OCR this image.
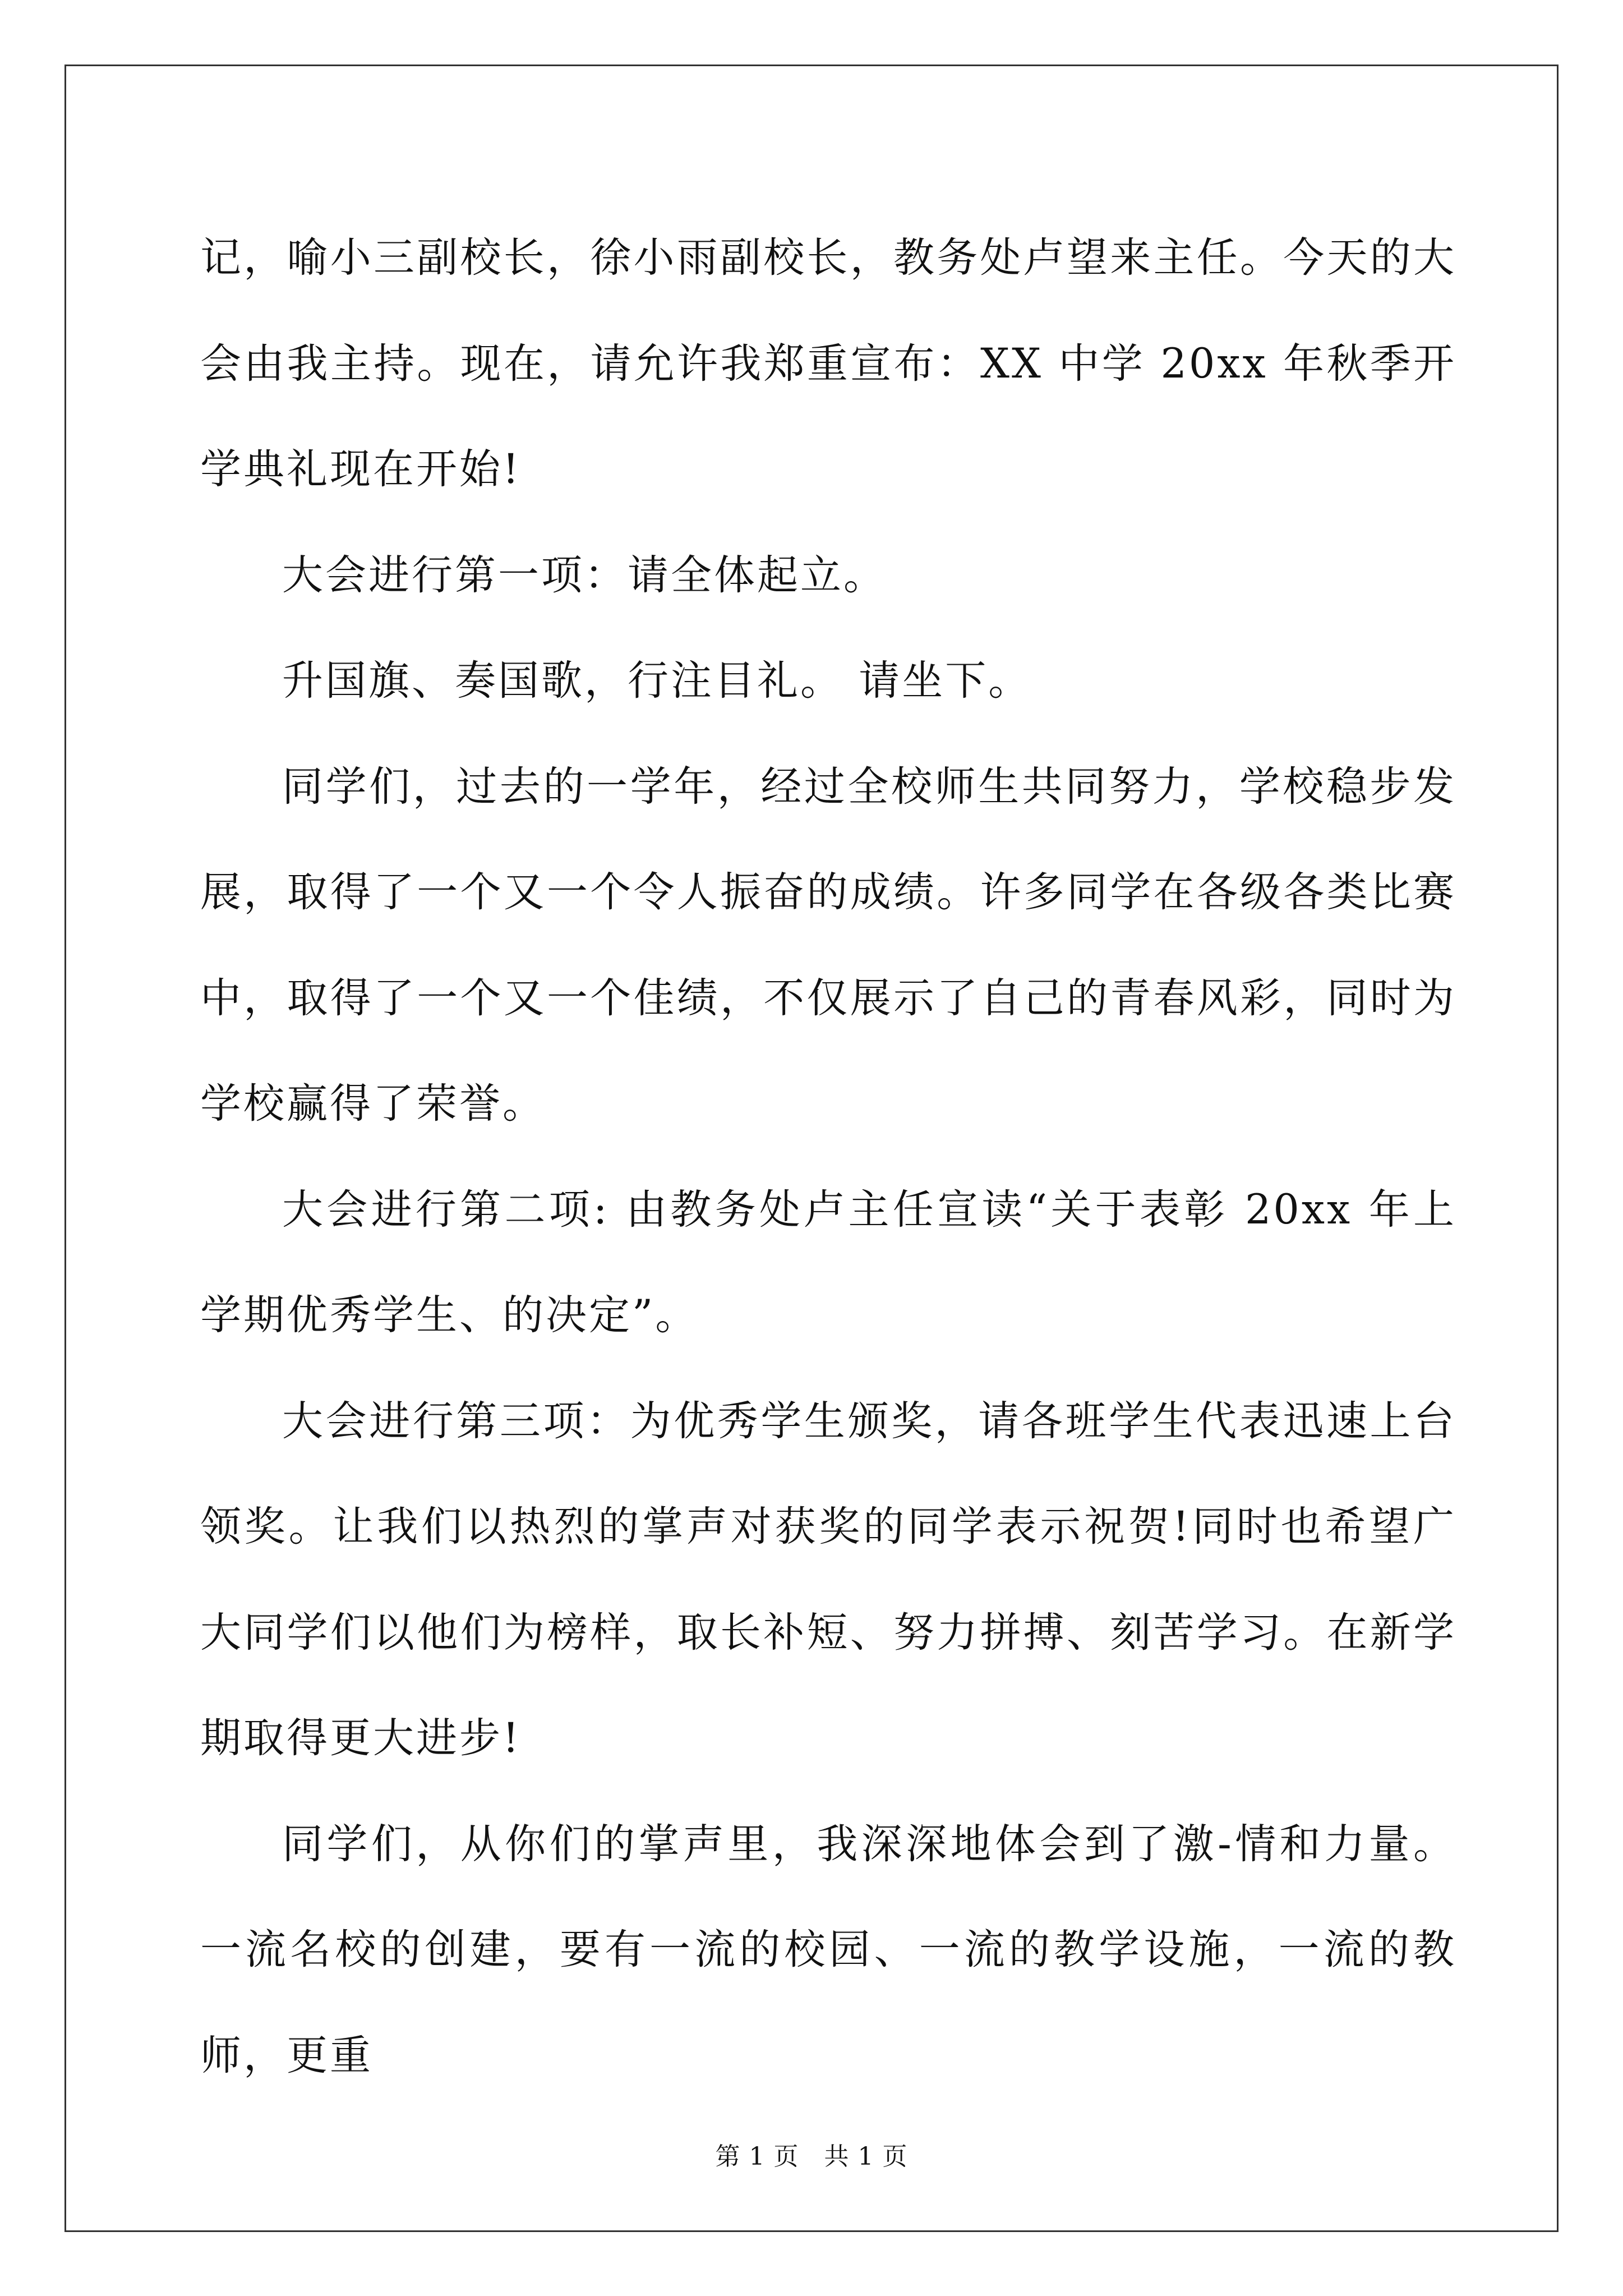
记，喻小三副校长，徐小雨副校长，教务处卢望来主任。今天的大会由我主持。现在，请允许我郑重宣布：XX 中学 20xx 年秋季开学典礼现在开始!

大会进行第一项：请全体起立。

升国旗、奏国歌，行注目礼。 请坐下。

同学们，过去的一学年，经过全校师生共同努力，学校稳步发展，取得了一个又一个令人振奋的成绩。许多同学在各级各类比赛中，取得了一个又一个佳绩，不仅展示了自己的青春风彩，同时为学校赢得了荣誉。

大会进行第二项: 由教务处卢主任宣读“关于表彰 20xx 年上学期优秀学生、的决定”。

大会进行第三项：为优秀学生颁奖，请各班学生代表迅速上台领奖。让我们以热烈的掌声对获奖的同学表示祝贺!同时也希望广大同学们以他们为榜样，取长补短、努力拼搏、刻苦学习。在新学期取得更大进步!

同学们，从你们的掌声里，我深深地体会到了激-情和力量。一流名校的创建，要有一流的校园、一流的教学设施，一流的教师，更重

第 1 页　共 1 页
